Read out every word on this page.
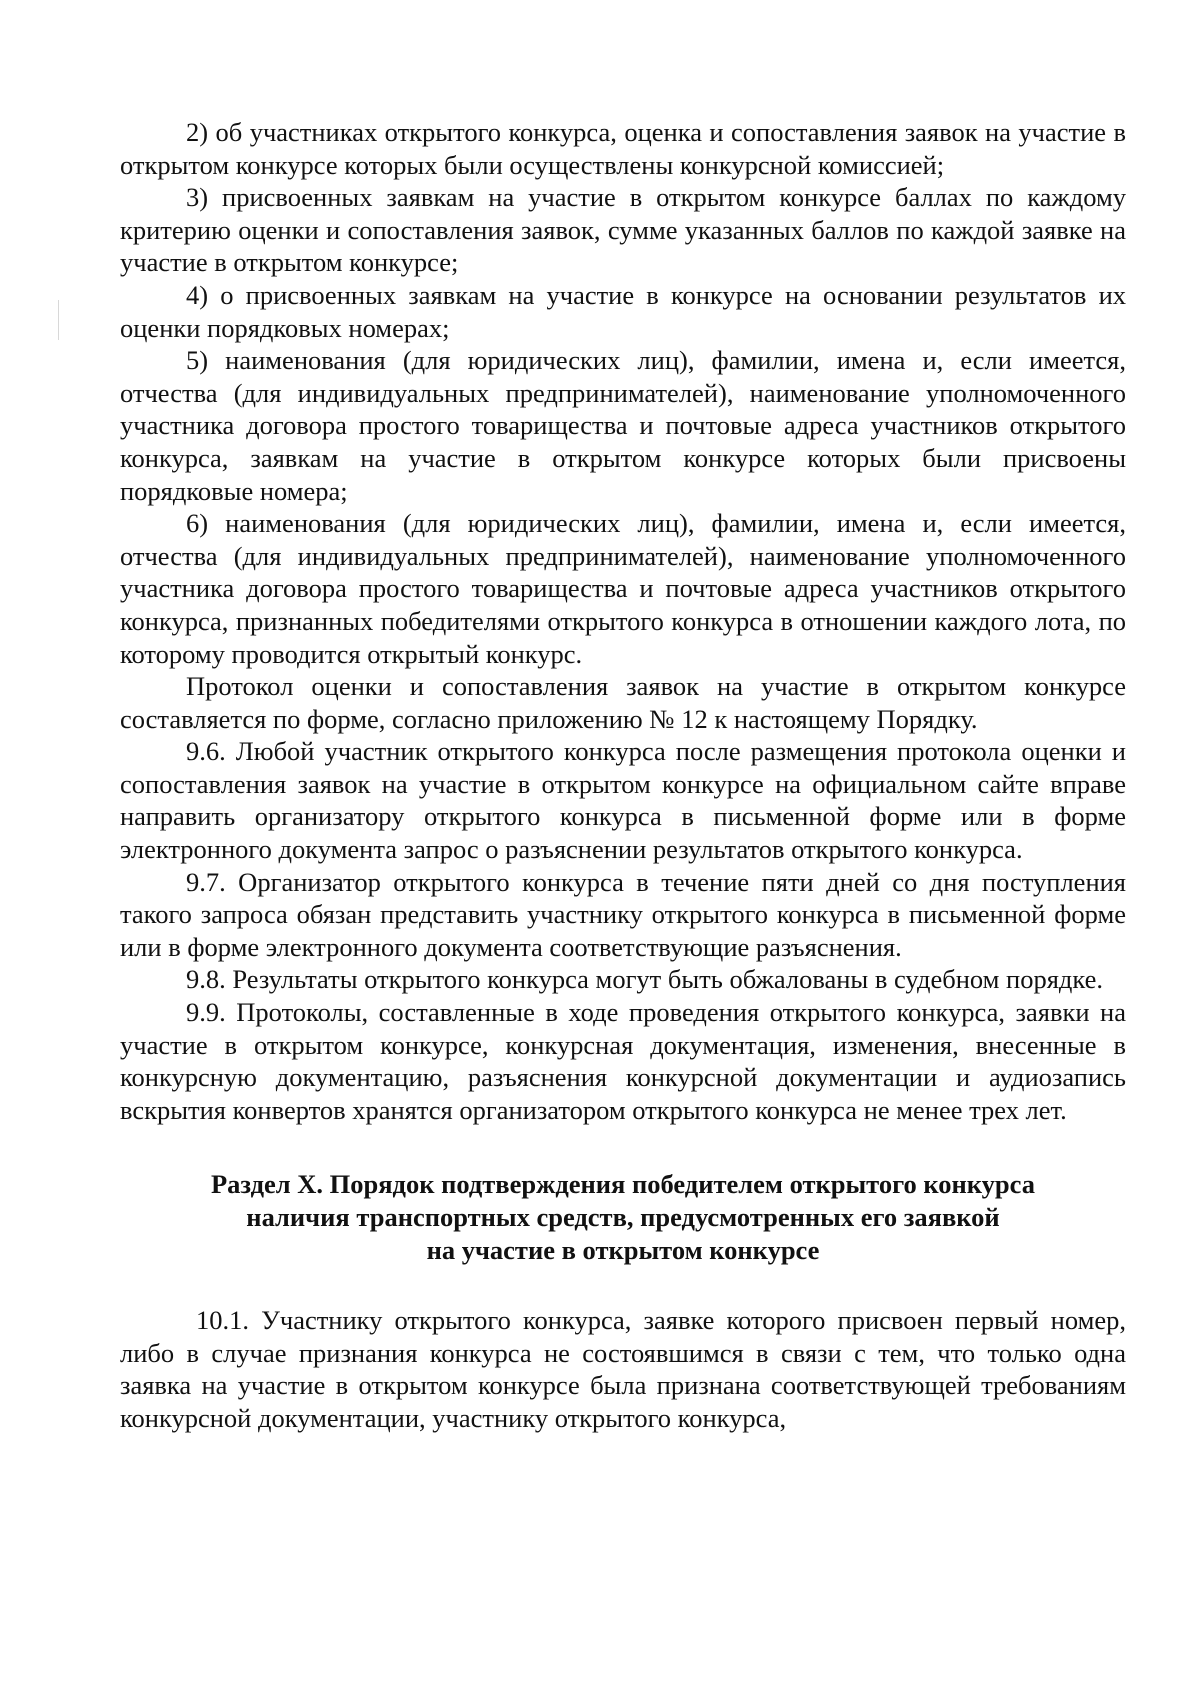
2) об участниках открытого конкурса, оценка и сопоставления заявок на участие в открытом конкурсе которых были осуществлены конкурсной комиссией;

3) присвоенных заявкам на участие в открытом конкурсе баллах по каждому критерию оценки и сопоставления заявок, сумме указанных баллов по каждой заявке на участие в открытом конкурсе;

4) о присвоенных заявкам на участие в конкурсе на основании результатов их оценки порядковых номерах;

5) наименования (для юридических лиц), фамилии, имена и, если имеется, отчества (для индивидуальных предпринимателей), наименование уполномоченного участника договора простого товарищества и почтовые адреса участников открытого конкурса, заявкам на участие в открытом конкурсе которых были присвоены порядковые номера;

6) наименования (для юридических лиц), фамилии, имена и, если имеется, отчества (для индивидуальных предпринимателей), наименование уполномоченного участника договора простого товарищества и почтовые адреса участников открытого конкурса, признанных победителями открытого конкурса в отношении каждого лота, по которому проводится открытый конкурс.

Протокол оценки и сопоставления заявок на участие в открытом конкурсе составляется по форме, согласно приложению № 12 к настоящему Порядку.

9.6. Любой участник открытого конкурса после размещения протокола оценки и сопоставления заявок на участие в открытом конкурсе на официальном сайте вправе направить организатору открытого конкурса в письменной форме или в форме электронного документа запрос о разъяснении результатов открытого конкурса.

9.7. Организатор открытого конкурса в течение пяти дней со дня поступления такого запроса обязан представить участнику открытого конкурса в письменной форме или в форме электронного документа соответствующие разъяснения.

9.8. Результаты открытого конкурса могут быть обжалованы в судебном порядке.

9.9. Протоколы, составленные в ходе проведения открытого конкурса, заявки на участие в открытом конкурсе, конкурсная документация, изменения, внесенные в конкурсную документацию, разъяснения конкурсной документации и аудиозапись вскрытия конвертов хранятся организатором открытого конкурса не менее трех лет.

Раздел X. Порядок подтверждения победителем открытого конкурса
наличия транспортных средств, предусмотренных его заявкой
на участие в открытом конкурсе

10.1. Участнику открытого конкурса, заявке которого присвоен первый номер, либо в случае признания конкурса не состоявшимся в связи с тем, что только одна заявка на участие в открытом конкурсе была признана соответствующей требованиям конкурсной документации, участнику открытого конкурса,
